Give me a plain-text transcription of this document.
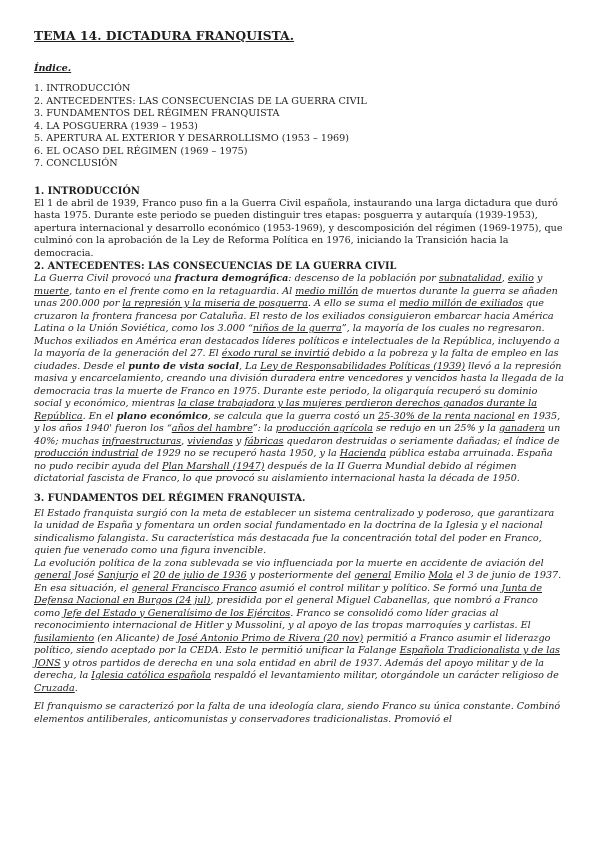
TEMA 14. DICTADURA FRANQUISTA.

Índice.

1. INTRODUCCIÓN
2. ANTECEDENTES: LAS CONSECUENCIAS DE LA GUERRA CIVIL
3. FUNDAMENTOS DEL RÉGIMEN FRANQUISTA
4. LA POSGUERRA (1939 – 1953)
5. APERTURA AL EXTERIOR Y DESARROLLISMO (1953 – 1969)
6. EL OCASO DEL RÉGIMEN (1969 – 1975)
7. CONCLUSIÓN
1. INTRODUCCIÓN

El 1 de abril de 1939, Franco puso fin a la Guerra Civil española, instaurando una larga dictadura que duró hasta 1975. Durante este periodo se pueden distinguir tres etapas: posguerra y autarquía (1939-1953), apertura internacional y desarrollo económico (1953-1969), y descomposición del régimen (1969-1975), que culminó con la aprobación de la Ley de Reforma Política en 1976, iniciando la Transición hacia la democracia.

2. ANTECEDENTES: LAS CONSECUENCIAS DE LA GUERRA CIVIL

La Guerra Civil provocó una fractura demográfica: descenso de la población por subnatalidad, exilio y muerte, tanto en el frente como en la retaguardia. Al medio millón de muertos durante la guerra se añaden unas 200.000 por la represión y la miseria de posguerra. A ello se suma el medio millón de exiliados que cruzaron la frontera francesa por Cataluña. El resto de los exiliados consiguieron embarcar hacia América Latina o la Unión Soviética, como los 3.000 “niños de la guerra”, la mayoría de los cuales no regresaron. Muchos exiliados en América eran destacados líderes políticos e intelectuales de la República, incluyendo a la mayoría de la generación del 27. El éxodo rural se invirtió debido a la pobreza y la falta de empleo en las ciudades. Desde el punto de vista social, La Ley de Responsabilidades Políticas (1939) llevó a la represión masiva y encarcelamiento, creando una división duradera entre vencedores y vencidos hasta la llegada de la democracia tras la muerte de Franco en 1975. Durante este periodo, la oligarquía recuperó su dominio social y económico, mientras la clase trabajadora y las mujeres perdieron derechos ganados durante la República. En el plano económico, se calcula que la guerra costó un 25-30% de la renta nacional en 1935, y los años 1940' fueron los “años del hambre”: la producción agrícola se redujo en un 25% y la ganadera un 40%; muchas infraestructuras, viviendas y fábricas quedaron destruidas o seriamente dañadas; el índice de producción industrial de 1929 no se recuperó hasta 1950, y la Hacienda pública estaba arruinada. España no pudo recibir ayuda del Plan Marshall (1947) después de la II Guerra Mundial debido al régimen dictatorial fascista de Franco, lo que provocó su aislamiento internacional hasta la década de 1950.

3. FUNDAMENTOS DEL RÉGIMEN FRANQUISTA.

El Estado franquista surgió con la meta de establecer un sistema centralizado y poderoso, que garantizara la unidad de España y fomentara un orden social fundamentado en la doctrina de la Iglesia y el nacional sindicalismo falangista. Su característica más destacada fue la concentración total del poder en Franco, quien fue venerado como una figura invencible.

La evolución política de la zona sublevada se vio influenciada por la muerte en accidente de aviación del general José Sanjurjo el 20 de julio de 1936 y posteriormente del general Emilio Mola el 3 de junio de 1937. En esa situación, el general Francisco Franco asumió el control militar y político. Se formó una Junta de Defensa Nacional en Burgos (24 jul), presidida por el general Miguel Cabanellas, que nombró a Franco como Jefe del Estado y Generalísimo de los Ejércitos. Franco se consolidó como líder gracias al reconocimiento internacional de Hitler y Mussolini, y al apoyo de las tropas marroquíes y carlistas. El fusilamiento (en Alicante) de José Antonio Primo de Rivera (20 nov) permitió a Franco asumir el liderazgo político, siendo aceptado por la CEDA. Esto le permitió unificar la Falange Española Tradicionalista y de las JONS y otros partidos de derecha en una sola entidad en abril de 1937. Además del apoyo militar y de la derecha, la Iglesia católica española respaldó el levantamiento militar, otorgándole un carácter religioso de Cruzada.

El franquismo se caracterizó por la falta de una ideología clara, siendo Franco su única constante. Combinó elementos antiliberales, anticomunistas y conservadores tradicionalistas. Promovió el
